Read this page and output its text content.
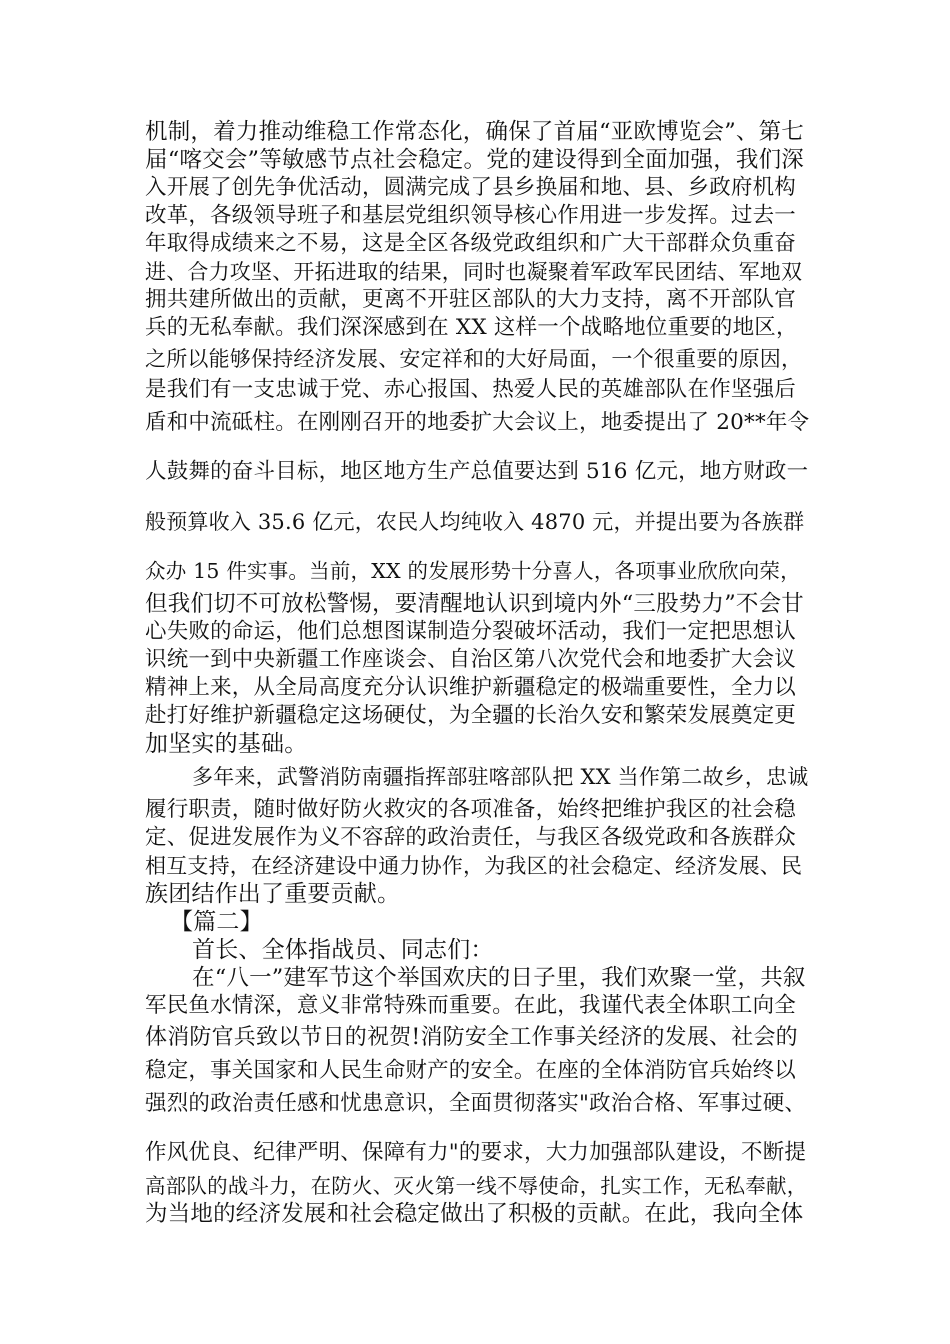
机制，着力推动维稳工作常态化，确保了首届“亚欧博览会”、第七
届“喀交会”等敏感节点社会稳定。党的建设得到全面加强，我们深
入开展了创先争优活动，圆满完成了县乡换届和地、县、乡政府机构
改革，各级领导班子和基层党组织领导核心作用进一步发挥。过去一
年取得成绩来之不易，这是全区各级党政组织和广大干部群众负重奋
进、合力攻坚、开拓进取的结果，同时也凝聚着军政军民团结、军地双
拥共建所做出的贡献，更离不开驻区部队的大力支持，离不开部队官
兵的无私奉献。我们深深感到在 XX 这样一个战略地位重要的地区，
之所以能够保持经济发展、安定祥和的大好局面，一个很重要的原因，
是我们有一支忠诚于党、赤心报国、热爱人民的英雄部队在作坚强后
盾和中流砥柱。在刚刚召开的地委扩大会议上，地委提出了 20**年令
人鼓舞的奋斗目标，地区地方生产总值要达到 516 亿元，地方财政一
般预算收入 35.6 亿元，农民人均纯收入 4870 元，并提出要为各族群
众办 15 件实事。当前，XX 的发展形势十分喜人，各项事业欣欣向荣，
但我们切不可放松警惕，要清醒地认识到境内外“三股势力”不会甘
心失败的命运，他们总想图谋制造分裂破坏活动，我们一定把思想认
识统一到中央新疆工作座谈会、自治区第八次党代会和地委扩大会议
精神上来，从全局高度充分认识维护新疆稳定的极端重要性，全力以
赴打好维护新疆稳定这场硬仗，为全疆的长治久安和繁荣发展奠定更
加坚实的基础。
多年来，武警消防南疆指挥部驻喀部队把 XX 当作第二故乡，忠诚
履行职责，随时做好防火救灾的各项准备，始终把维护我区的社会稳
定、促进发展作为义不容辞的政治责任，与我区各级党政和各族群众
相互支持，在经济建设中通力协作，为我区的社会稳定、经济发展、民
族团结作出了重要贡献。
【篇二】
首长、全体指战员、同志们：
在“八一”建军节这个举国欢庆的日子里，我们欢聚一堂，共叙
军民鱼水情深，意义非常特殊而重要。在此，我谨代表全体职工向全
体消防官兵致以节日的祝贺!消防安全工作事关经济的发展、社会的
稳定，事关国家和人民生命财产的安全。在座的全体消防官兵始终以
强烈的政治责任感和忧患意识，全面贯彻落实"政治合格、军事过硬、
作风优良、纪律严明、保障有力"的要求，大力加强部队建设，不断提
高部队的战斗力，在防火、灭火第一线不辱使命，扎实工作，无私奉献，
为当地的经济发展和社会稳定做出了积极的贡献。在此，我向全体
